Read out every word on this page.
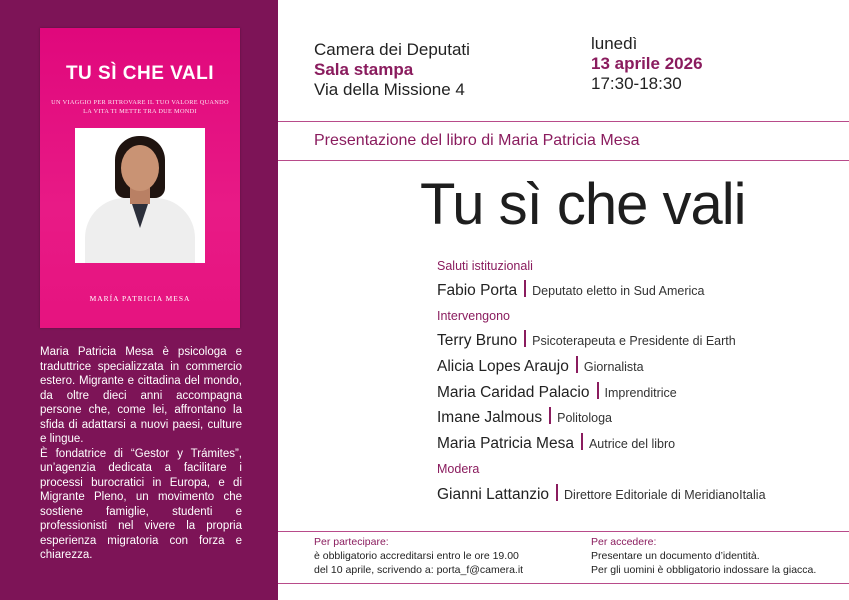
TU SÌ CHE VALI
UN VIAGGIO PER RITROVARE IL TUO VALORE QUANDO LA VITA TI METTE TRA DUE MONDI
MARÍA PATRICIA MESA

Maria Patricia Mesa è psicologa e traduttrice specializzata in commercio estero. Migrante e cittadina del mondo, da oltre dieci anni accompagna persone che, come lei, affrontano la sfida di adattarsi a nuovi paesi, culture e lingue.

È fondatrice di “Gestor y Trámites”, un’agenzia dedicata a facilitare i processi burocratici in Europa, e di Migrante Pleno, un movimento che sostiene famiglie, studenti e professionisti nel vivere la propria esperienza migratoria con forza e chiarezza.

Camera dei Deputati
Sala stampa
Via della Missione 4
lunedì
13 aprile 2026
17:30-18:30
Presentazione del libro di Maria Patricia Mesa
Tu sì che vali
Saluti istituzionali
Fabio Porta Deputato eletto in Sud America
Intervengono
Terry Bruno Psicoterapeuta e Presidente di Earth
Alicia Lopes Araujo Giornalista
Maria Caridad Palacio Imprenditrice
Imane Jalmous Politologa
Maria Patricia Mesa Autrice del libro
Modera
Gianni Lattanzio Direttore Editoriale di MeridianoItalia
Per partecipare:
è obbligatorio accreditarsi entro le ore 19.00
del 10 aprile, scrivendo a: porta_f@camera.it
Per accedere:
Presentare un documento d’identità.
Per gli uomini è obbligatorio indossare la giacca.
